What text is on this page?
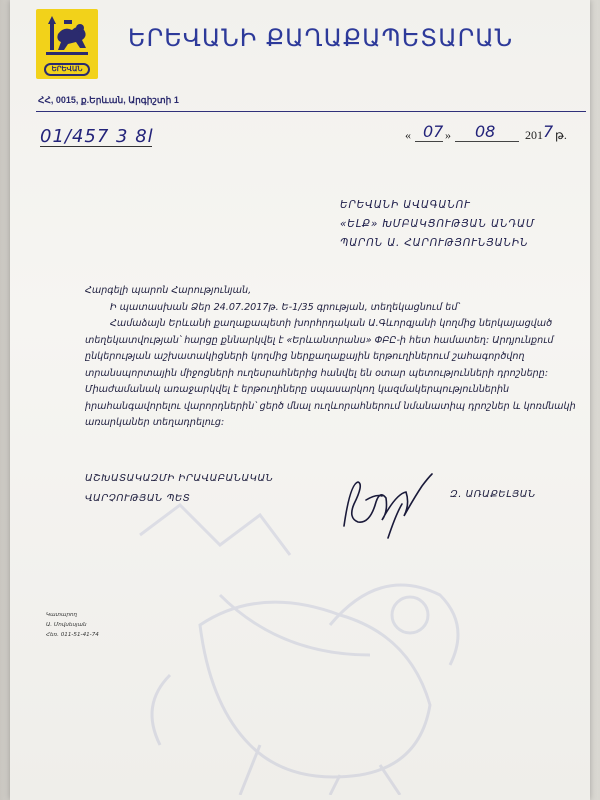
ԵՐԵՎԱՆ
ԵՐԵՎԱՆԻ ՔԱՂԱՔԱՊԵՏԱՐԱՆ
ՀՀ, 0015, ք.Երևան, Արգիշտի 1
01/457 3 8l	« 07 » 08 201 7 թ.
ԵՐԵՎԱՆԻ ԱՎԱԳԱՆՈՒ
«ԵԼՔ» ԽՄԲԱԿՑՈՒԹՅԱՆ ԱՆԴԱՄ
ՊԱՐՈՆ Ա. ՀԱՐՈՒԹՅՈՒՆՅԱՆԻՆ
Հարգելի պարոն Հարությունյան,
Ի պատասխան Ձեր 24.07.2017թ. Ե-1/35 գրության, տեղեկացնում եմ՝
Համաձայն Երևանի քաղաքապետի խորհրդական Ա.Գևորգյանի կողմից ներկայացված
տեղեկատվության՝ հարցը քննարկվել է «Երևանտրանս» ՓԲԸ-ի հետ համատեղ: Արդյունքում
ընկերության աշխատակիցների կողմից ներքաղաքային երթուղիներում շահագործվող
տրանսպորտային միջոցների ուղեսրահներից հանվել են օտար պետությունների դրոշները:
Միաժամանակ առաջարկվել է երթուղիները սպասարկող կազմակերպություններին
իրահանգավորելու վարորդներին՝ ցերծ մնալ ուղևորահներում նմանատիպ դրոշներ և կոռմնակի
առարկաներ տեղադրելուց:
ԱՇԽԱՏԱԿԱԶՄԻ ԻՐԱՎԱԲԱՆԱԿԱՆ
ՎԱՐՉՈՒԹՅԱՆ ՊԵՏ	Զ. ԱՌԱՔԵԼՅԱՆ
Կատարող
Ա. Մովսեսյան
Հեռ. 011-51-41-74
